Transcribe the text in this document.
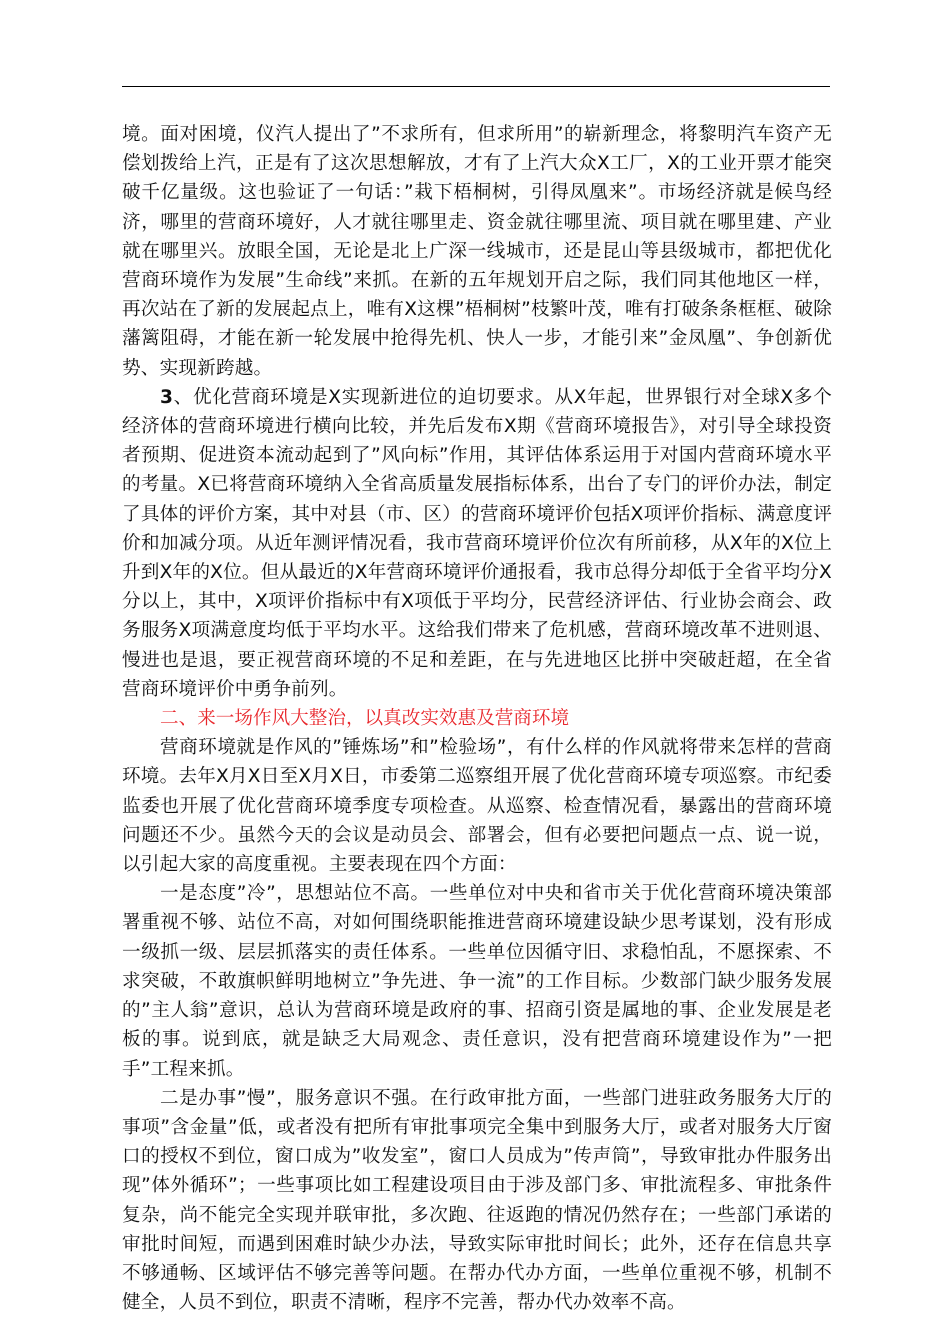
境。面对困境，仪汽人提出了”不求所有，但求所用”的崭新理念，将黎明汽车资产无偿划拨给上汽，正是有了这次思想解放，才有了上汽大众X工厂，X的工业开票才能突破千亿量级。这也验证了一句话：”栽下梧桐树，引得凤凰来”。市场经济就是候鸟经济，哪里的营商环境好，人才就往哪里走、资金就往哪里流、项目就在哪里建、产业就在哪里兴。放眼全国，无论是北上广深一线城市，还是昆山等县级城市，都把优化营商环境作为发展”生命线”来抓。在新的五年规划开启之际，我们同其他地区一样，再次站在了新的发展起点上，唯有X这棵”梧桐树”枝繁叶茂，唯有打破条条框框、破除藩篱阻碍，才能在新一轮发展中抢得先机、快人一步，才能引来”金凤凰”、争创新优势、实现新跨越。

3、优化营商环境是X实现新进位的迫切要求。从X年起，世界银行对全球X多个经济体的营商环境进行横向比较，并先后发布X期《营商环境报告》，对引导全球投资者预期、促进资本流动起到了”风向标”作用，其评估体系运用于对国内营商环境水平的考量。X已将营商环境纳入全省高质量发展指标体系，出台了专门的评价办法，制定了具体的评价方案，其中对县（市、区）的营商环境评价包括X项评价指标、满意度评价和加减分项。从近年测评情况看，我市营商环境评价位次有所前移，从X年的X位上升到X年的X位。但从最近的X年营商环境评价通报看，我市总得分却低于全省平均分X分以上，其中，X项评价指标中有X项低于平均分，民营经济评估、行业协会商会、政务服务X项满意度均低于平均水平。这给我们带来了危机感，营商环境改革不进则退、慢进也是退，要正视营商环境的不足和差距，在与先进地区比拼中突破赶超，在全省营商环境评价中勇争前列。

二、来一场作风大整治，以真改实效惠及营商环境

营商环境就是作风的”锤炼场”和”检验场”，有什么样的作风就将带来怎样的营商环境。去年X月X日至X月X日，市委第二巡察组开展了优化营商环境专项巡察。市纪委监委也开展了优化营商环境季度专项检查。从巡察、检查情况看，暴露出的营商环境问题还不少。虽然今天的会议是动员会、部署会，但有必要把问题点一点、说一说，以引起大家的高度重视。主要表现在四个方面：

一是态度”冷”，思想站位不高。一些单位对中央和省市关于优化营商环境决策部署重视不够、站位不高，对如何围绕职能推进营商环境建设缺少思考谋划，没有形成一级抓一级、层层抓落实的责任体系。一些单位因循守旧、求稳怕乱，不愿探索、不求突破，不敢旗帜鲜明地树立”争先进、争一流”的工作目标。少数部门缺少服务发展的”主人翁”意识，总认为营商环境是政府的事、招商引资是属地的事、企业发展是老板的事。说到底，就是缺乏大局观念、责任意识，没有把营商环境建设作为”一把手”工程来抓。

二是办事”慢”，服务意识不强。在行政审批方面，一些部门进驻政务服务大厅的事项”含金量”低，或者没有把所有审批事项完全集中到服务大厅，或者对服务大厅窗口的授权不到位，窗口成为”收发室”，窗口人员成为”传声筒”，导致审批办件服务出现”体外循环”；一些事项比如工程建设项目由于涉及部门多、审批流程多、审批条件复杂，尚不能完全实现并联审批，多次跑、往返跑的情况仍然存在；一些部门承诺的审批时间短，而遇到困难时缺少办法，导致实际审批时间长；此外，还存在信息共享不够通畅、区域评估不够完善等问题。在帮办代办方面，一些单位重视不够，机制不健全，人员不到位，职责不清晰，程序不完善，帮办代办效率不高。
